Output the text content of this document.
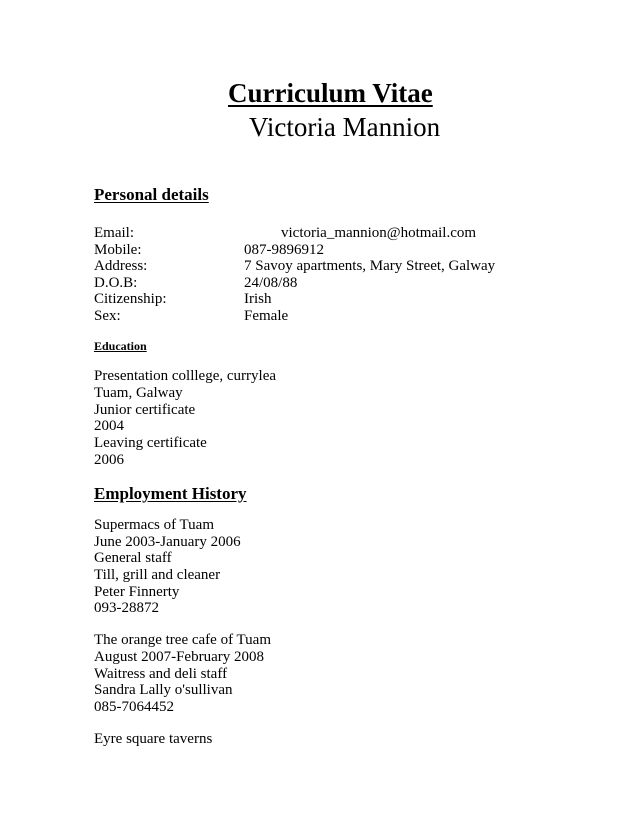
Curriculum Vitae
Victoria Mannion
Personal details
Email:	victoria_mannion@hotmail.com
Mobile:	087-9896912
Address:	7 Savoy apartments, Mary Street, Galway
D.O.B:	24/08/88
Citizenship:	Irish
Sex:	Female
Education
Presentation colllege, currylea
Tuam, Galway
Junior certificate
2004
Leaving certificate
2006
Employment History
Supermacs of Tuam
June 2003-January 2006
General staff
Till, grill and cleaner
Peter Finnerty
093-28872
The orange tree cafe of Tuam
August 2007-February 2008
Waitress and deli staff
Sandra Lally o'sullivan
085-7064452
Eyre square taverns
